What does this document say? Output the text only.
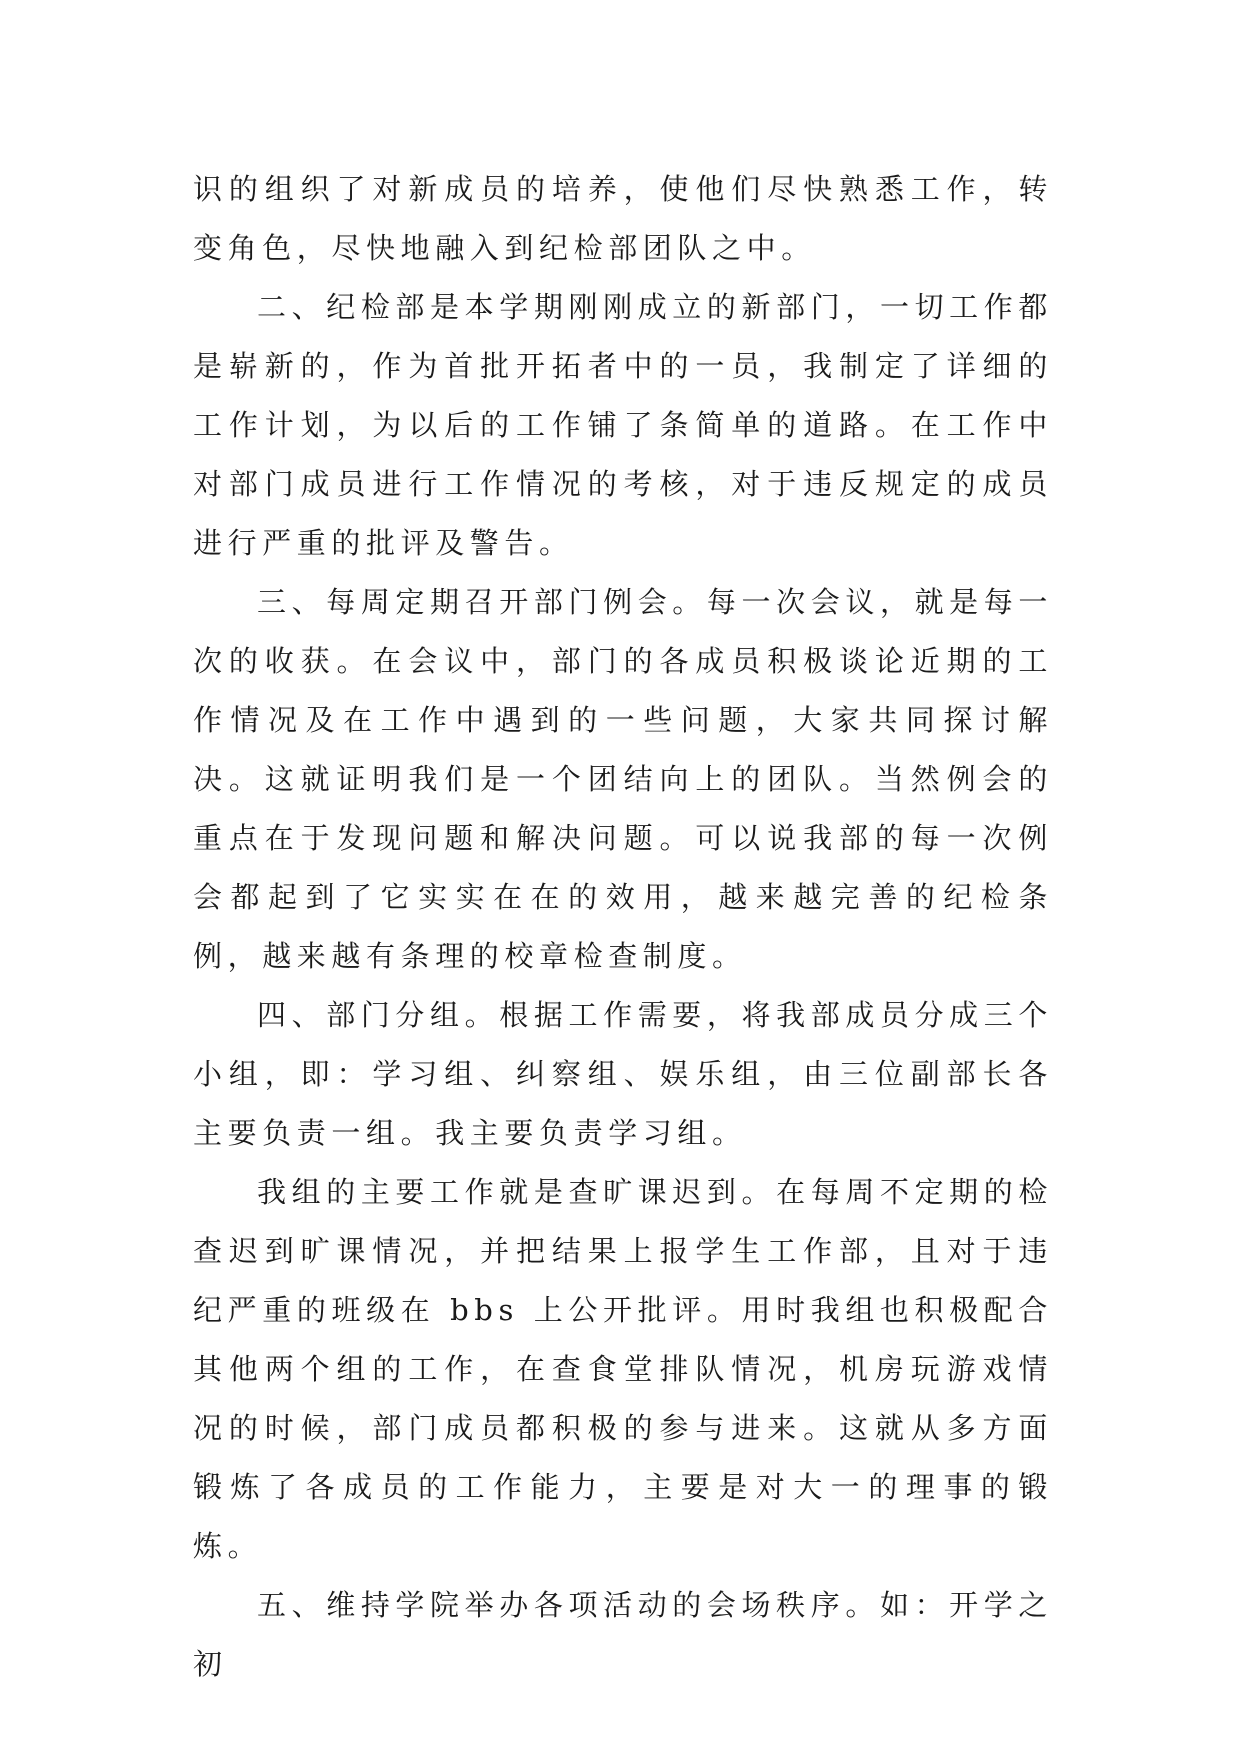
识的组织了对新成员的培养，使他们尽快熟悉工作，转变角色，尽快地融入到纪检部团队之中。

二、纪检部是本学期刚刚成立的新部门，一切工作都是崭新的，作为首批开拓者中的一员，我制定了详细的工作计划，为以后的工作铺了条简单的道路。在工作中对部门成员进行工作情况的考核，对于违反规定的成员进行严重的批评及警告。

三、每周定期召开部门例会。每一次会议，就是每一次的收获。在会议中，部门的各成员积极谈论近期的工作情况及在工作中遇到的一些问题，大家共同探讨解决。这就证明我们是一个团结向上的团队。当然例会的重点在于发现问题和解决问题。可以说我部的每一次例会都起到了它实实在在的效用，越来越完善的纪检条例，越来越有条理的校章检查制度。

四、部门分组。根据工作需要，将我部成员分成三个小组，即：学习组、纠察组、娱乐组，由三位副部长各主要负责一组。我主要负责学习组。

我组的主要工作就是查旷课迟到。在每周不定期的检查迟到旷课情况，并把结果上报学生工作部，且对于违纪严重的班级在 bbs 上公开批评。用时我组也积极配合其他两个组的工作，在查食堂排队情况，机房玩游戏情况的时候，部门成员都积极的参与进来。这就从多方面锻炼了各成员的工作能力，主要是对大一的理事的锻炼。

五、维持学院举办各项活动的会场秩序。如：开学之初
